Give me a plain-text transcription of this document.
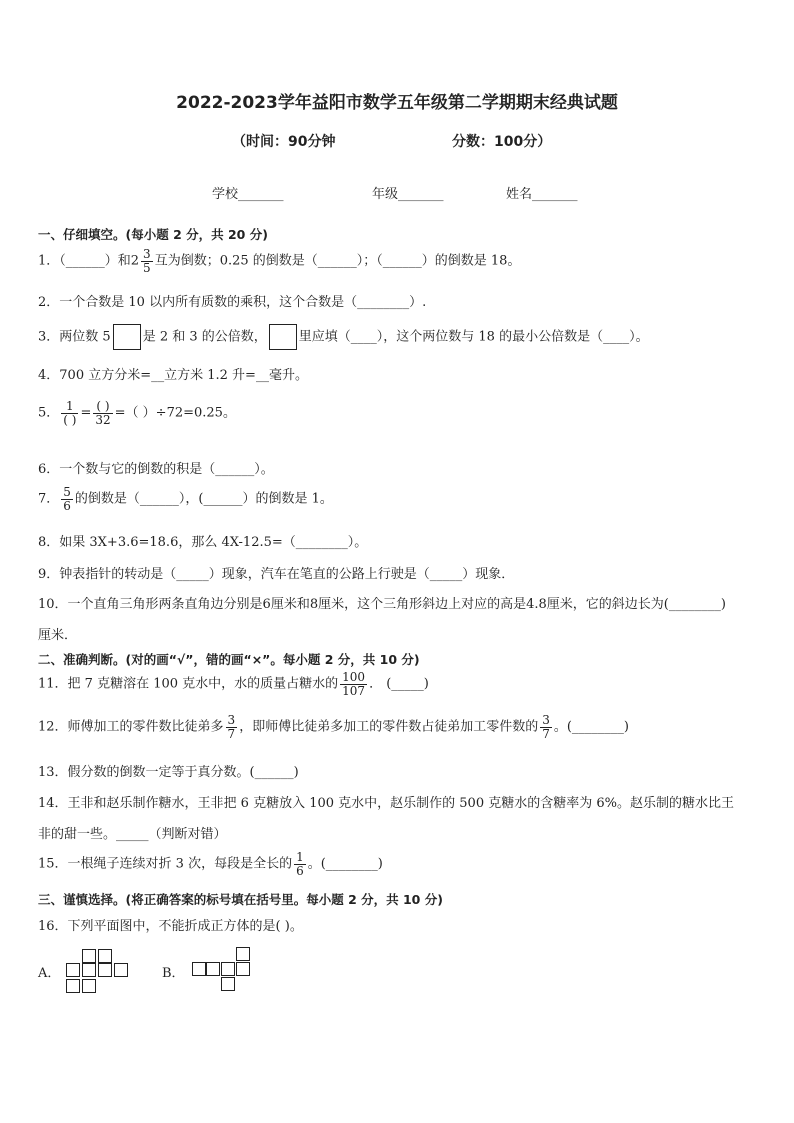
2022-2023学年益阳市数学五年级第二学期期末经典试题
（时间：90分钟	分数：100分）
学校_______	年级_______	姓名_______
一、仔细填空。(每小题 2 分，共 20 分)
1．（______）和$2 \frac{3}{5}$ 互为倒数；0.25 的倒数是（______）；（______）的倒数是 18。
2．一个合数是 10 以内所有质数的乘积，这个合数是（________）.
3．两位数 5 是 2 和 3 的公倍数， 里应填（____），这个两位数与 18 的最小公倍数是（____）。
4．700 立方分米=__立方米 1.2 升=__毫升。
5． $\frac{1}{( )} = \frac{( )}{32}$ =（ ）÷72=0.25。
6．一个数与它的倒数的积是（______）。
7． $\frac{5}{6}$ 的倒数是（______），(______）的倒数是 1。
8．如果 3X+3.6=18.6，那么 4X-12.5=（________）。
9．钟表指针的转动是（_____）现象，汽车在笔直的公路上行驶是（_____）现象．
10．一个直角三角形两条直角边分别是6厘米和8厘米，这个三角形斜边上对应的高是4.8厘米，它的斜边长为(________)
厘米．
二、准确判断。(对的画“√”，错的画“×”。每小题 2 分，共 10 分)
11．把 7 克糖溶在 100 克水中，水的质量占糖水的 $\frac{100}{107}$ ． (_____)
12．师傅加工的零件数比徒弟多 $\frac{3}{7}$ ，即师傅比徒弟多加工的零件数占徒弟加工零件数的 $\frac{3}{7}$ 。(________)
13．假分数的倒数一定等于真分数。(______)
14．王非和赵乐制作糖水，王非把 6 克糖放入 100 克水中，赵乐制作的 500 克糖水的含糖率为 6%。赵乐制的糖水比王
非的甜一些。_____（判断对错）
15．一根绳子连续对折 3 次，每段是全长的 $\frac{1}{6}$ 。(________)
三、谨慎选择。(将正确答案的标号填在括号里。每小题 2 分，共 10 分)
16．下列平面图中，不能折成正方体的是( )。
A．	B．
